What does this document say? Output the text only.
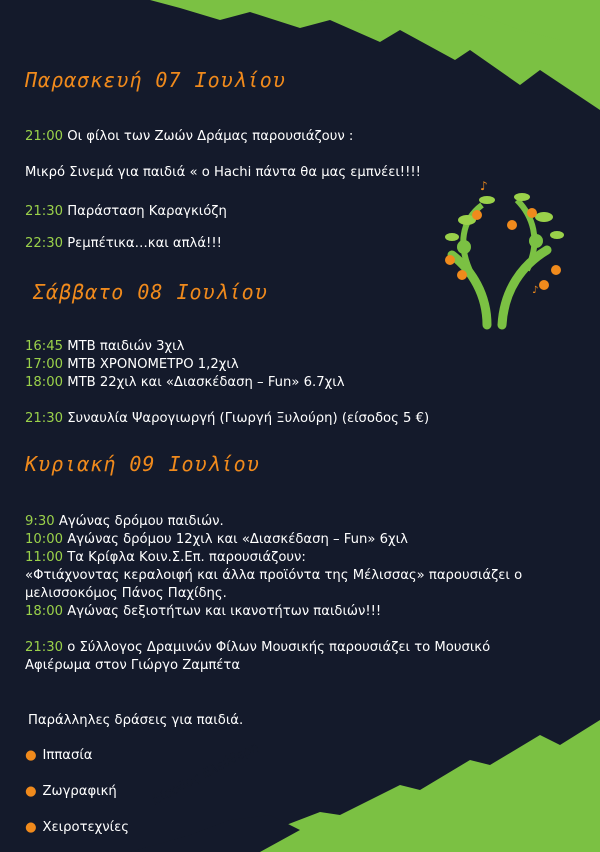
Παρασκευή 07 Ιουλίου
21:00 Οι φίλοι των Ζωών Δράμας παρουσιάζουν :
Μικρό Σινεμά για παιδιά « ο Hachi πάντα θα μας εμπνέει!!!!
21:30 Παράσταση Καραγκιόζη
22:30 Ρεμπέτικα…και απλά!!!
♪
♪
Σάββατο 08 Ιουλίου
16:45 MTB παιδιών 3χιλ
17:00 MTB ΧΡΟΝΟΜΕΤΡΟ 1,2χιλ
18:00 MTB 22χιλ και «Διασκέδαση – Fun» 6.7χιλ
21:30 Συναυλία Ψαρογιωργή (Γιωργή Ξυλούρη) (είσοδος 5 €)
Κυριακή 09 Ιουλίου
9:30 Αγώνας δρόμου παιδιών.
10:00 Αγώνας δρόμου 12χιλ και «Διασκέδαση – Fun» 6χιλ
11:00 Τα Κρίφλα Κοιν.Σ.Επ. παρουσιάζουν:
«Φτιάχνοντας κεραλοιφή και άλλα προϊόντα της Μέλισσας» παρουσιάζει ο
μελισσοκόμος Πάνος Παχίδης.
18:00 Αγώνας δεξιοτήτων και ικανοτήτων παιδιών!!!
21:30 ο Σύλλογος Δραμινών Φίλων Μουσικής παρουσιάζει το Μουσικό
Αφιέρωμα στον Γιώργο Ζαμπέτα
Παράλληλες δράσεις για παιδιά.
● Ιππασία
● Ζωγραφική
● Χειροτεχνίες
Είσοδος Ελεύθερη
